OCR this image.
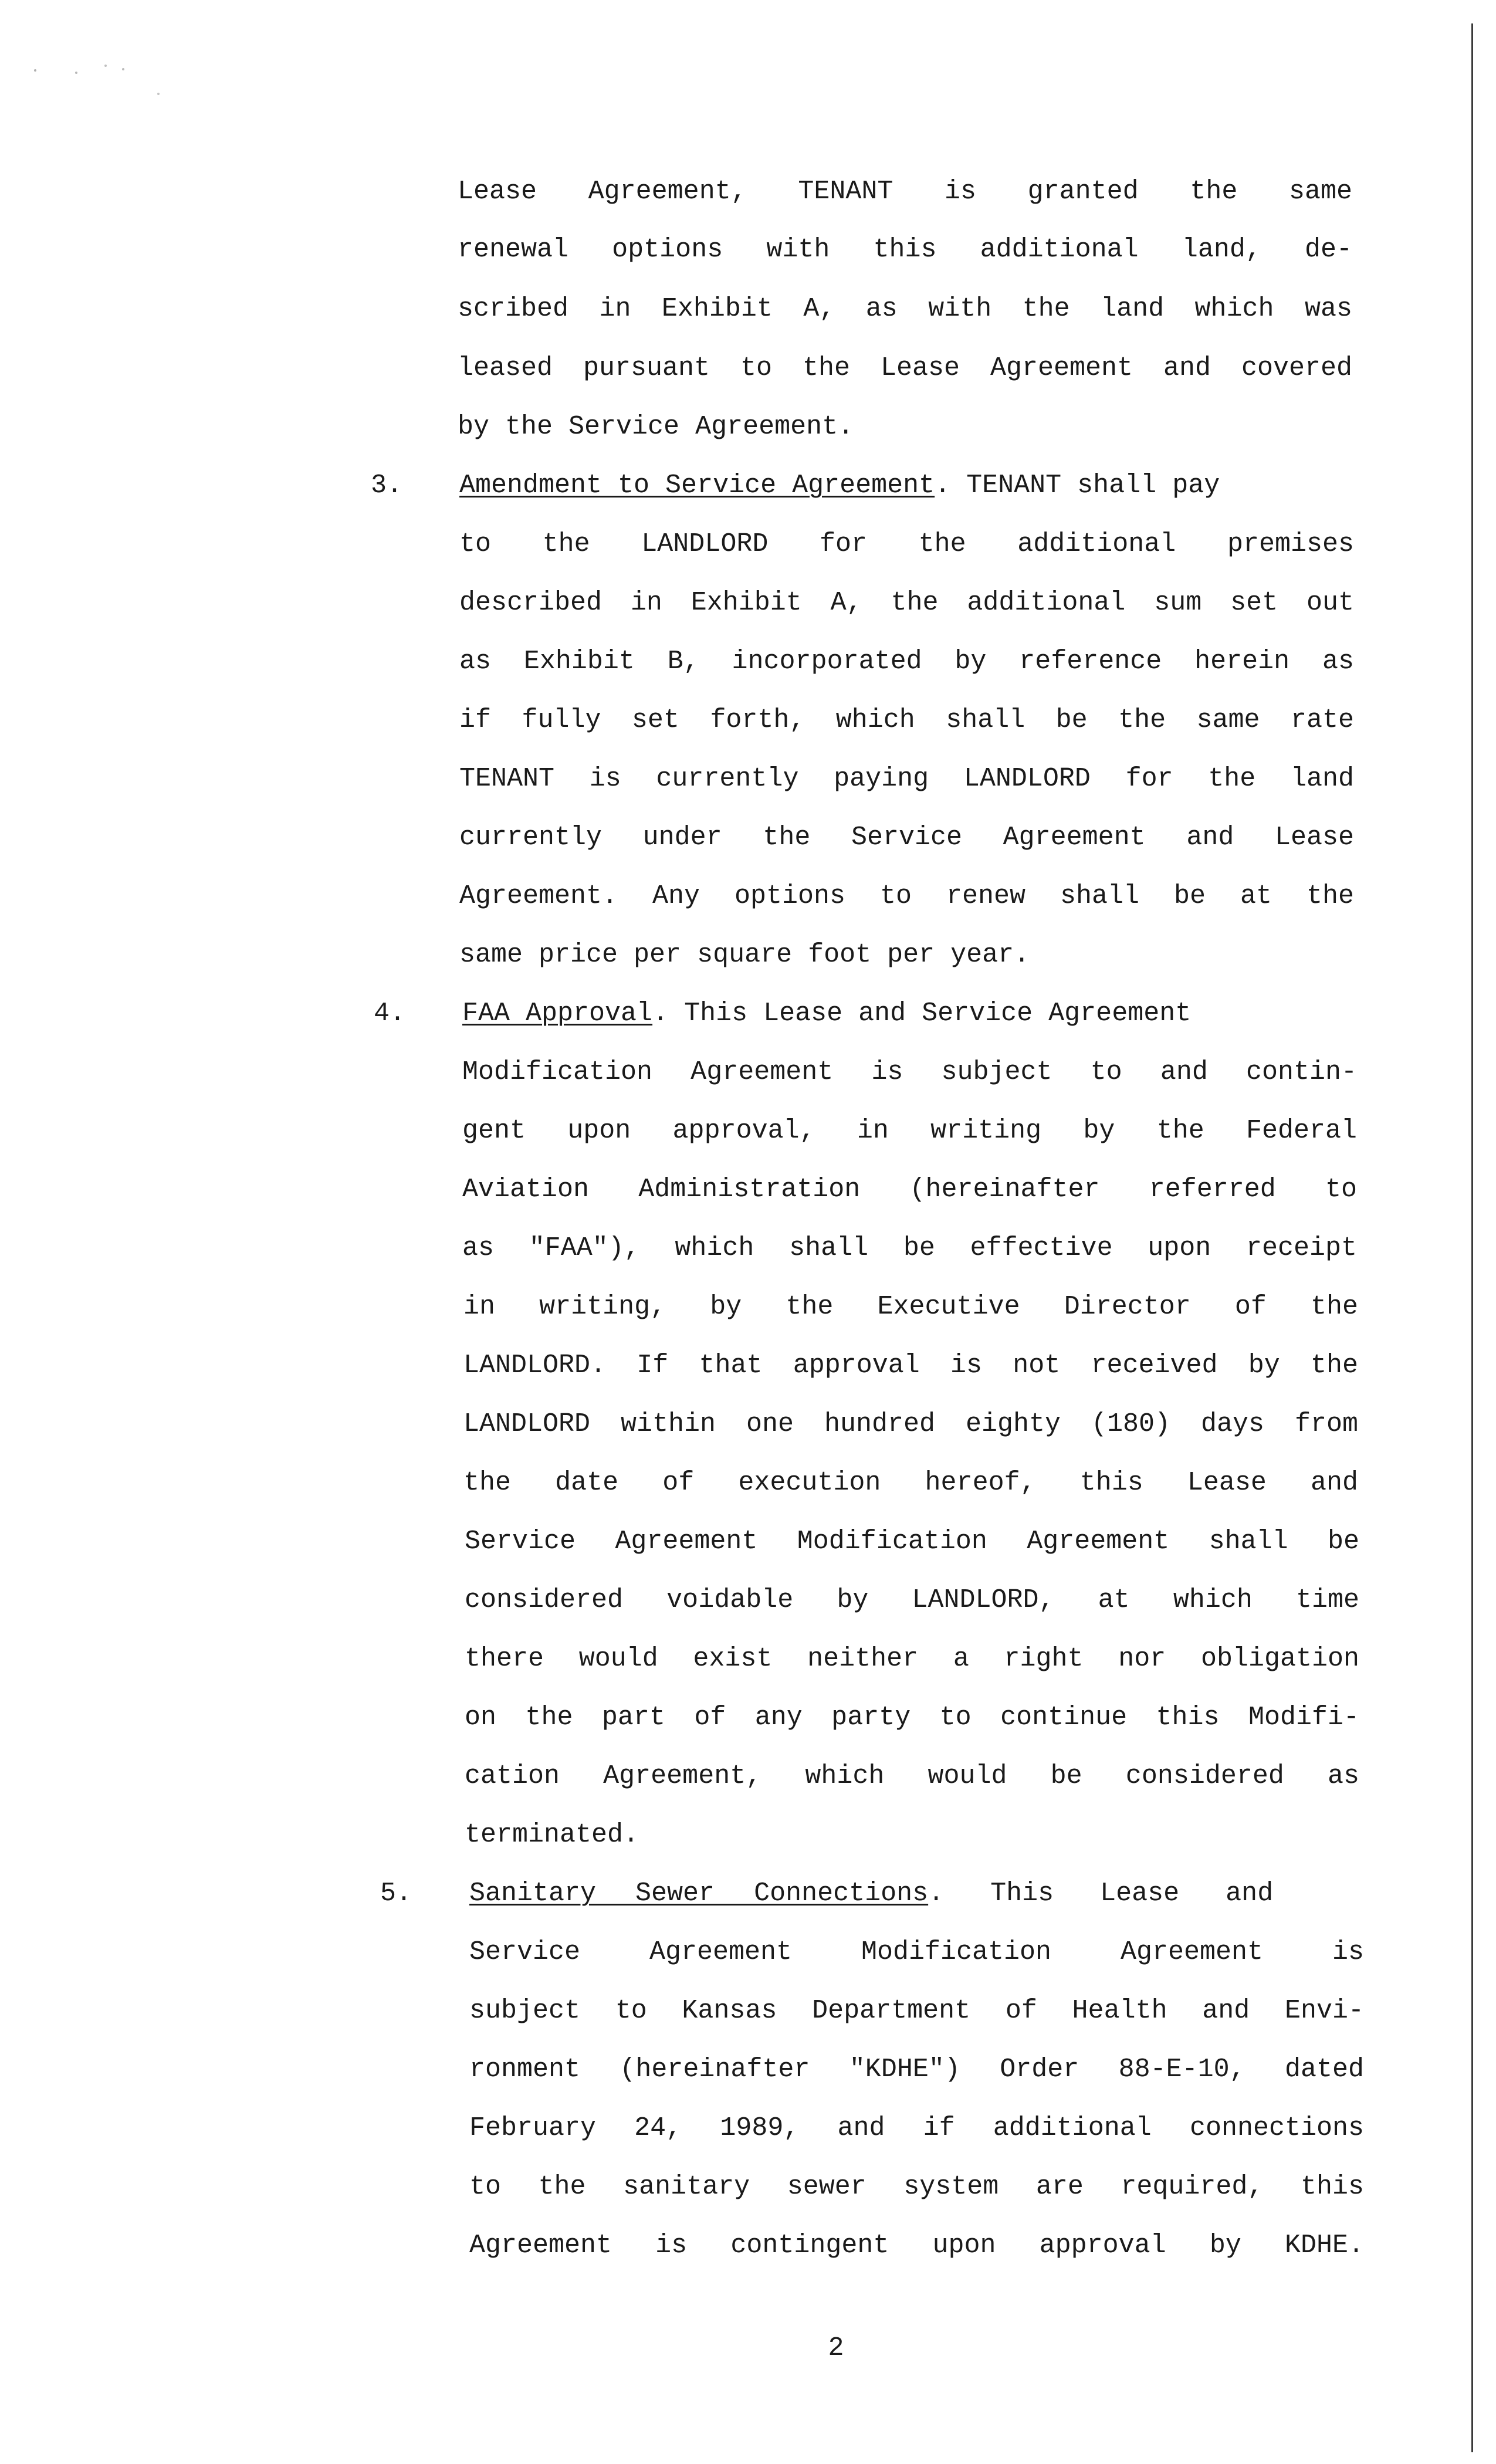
Lease Agreement, TENANT is granted the same
renewal options with this additional land, de-
scribed in Exhibit A, as with the land which was
leased pursuant to the Lease Agreement and covered
by the Service Agreement.
3. Amendment to Service Agreement. TENANT shall pay
to the LANDLORD for the additional premises
described in Exhibit A, the additional sum set out
as Exhibit B, incorporated by reference herein as
if fully set forth, which shall be the same rate
TENANT is currently paying LANDLORD for the land
currently under the Service Agreement and Lease
Agreement. Any options to renew shall be at the
same price per square foot per year.
4. FAA Approval. This Lease and Service Agreement
Modification Agreement is subject to and contin-
gent upon approval, in writing by the Federal
Aviation Administration (hereinafter referred to
as "FAA"), which shall be effective upon receipt
in writing, by the Executive Director of the
LANDLORD. If that approval is not received by the
LANDLORD within one hundred eighty (180) days from
the date of execution hereof, this Lease and
Service Agreement Modification Agreement shall be
considered voidable by LANDLORD, at which time
there would exist neither a right nor obligation
on the part of any party to continue this Modifi-
cation Agreement, which would be considered as
terminated.
5. Sanitary Sewer Connections. This Lease and
Service Agreement Modification Agreement is
subject to Kansas Department of Health and Envi-
ronment (hereinafter "KDHE") Order 88-E-10, dated
February 24, 1989, and if additional connections
to the sanitary sewer system are required, this
Agreement is contingent upon approval by KDHE.
2
